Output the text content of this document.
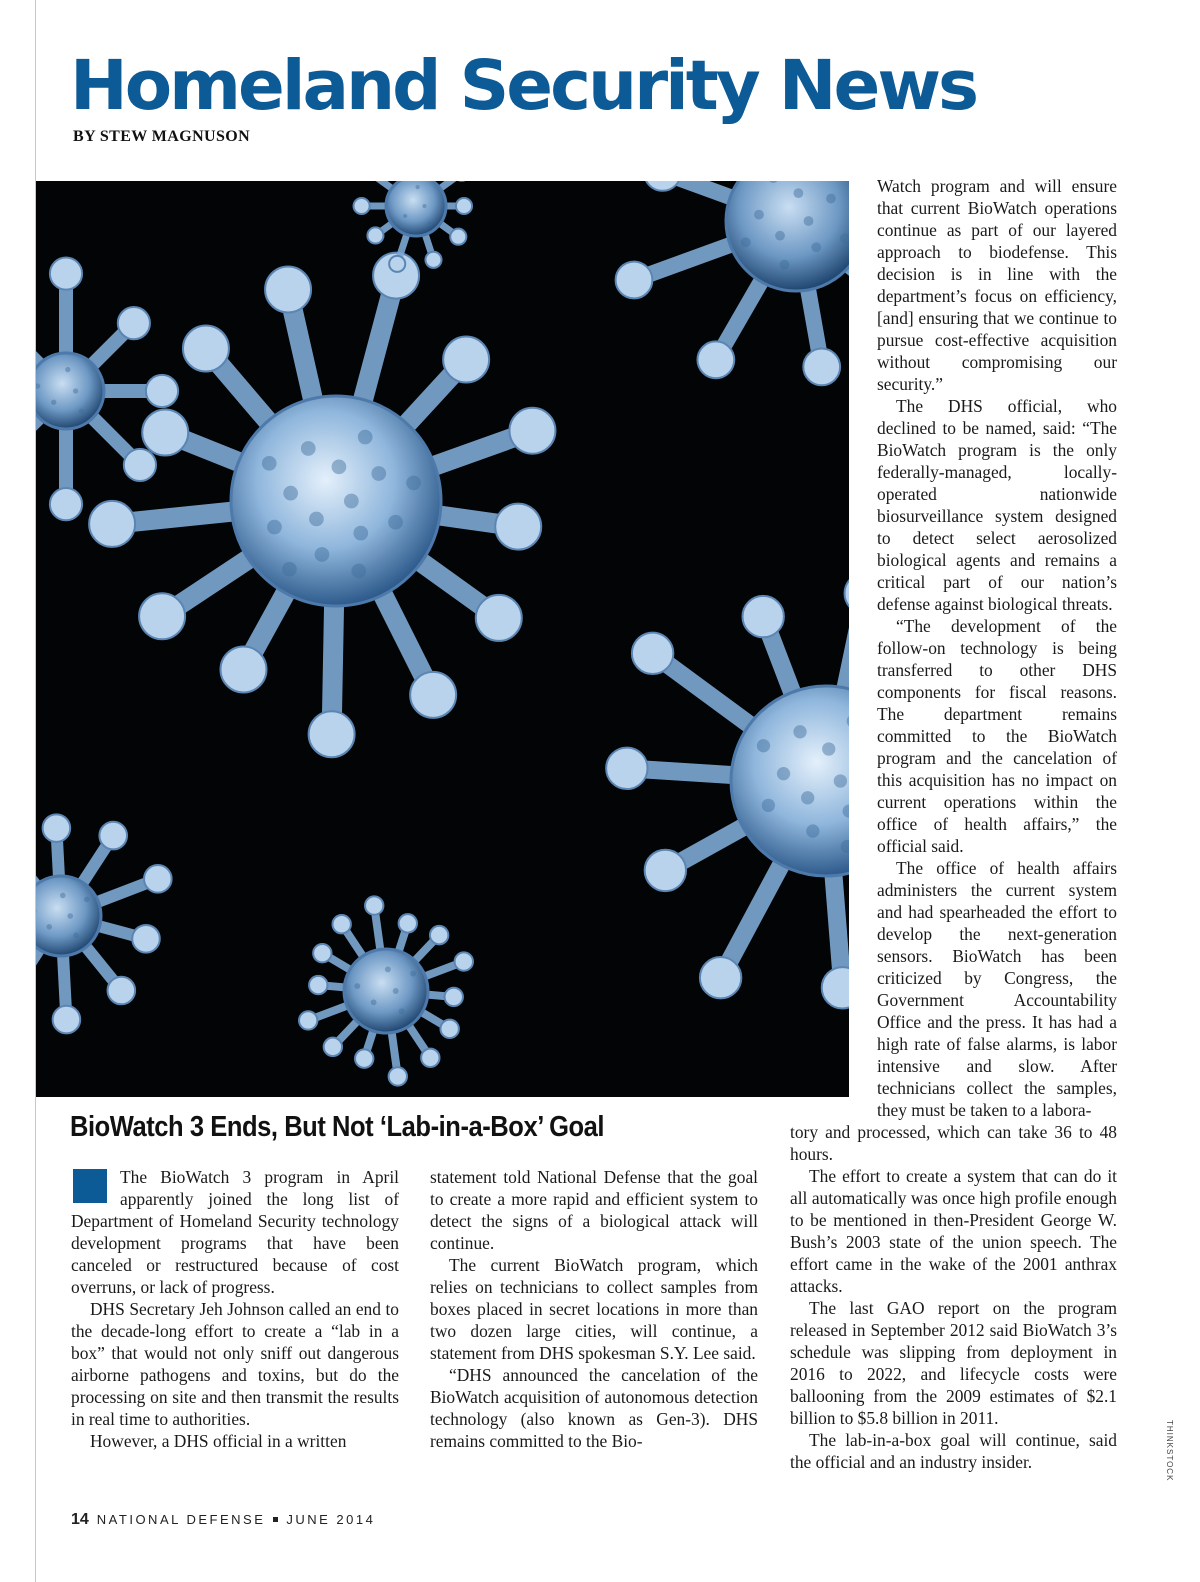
Homeland Security News
BY STEW MAGNUSON
THINKSTOCK
BioWatch 3 Ends, But Not ‘Lab-in-a-Box’ Goal

The BioWatch 3 program in April apparently joined the long list of Department of Homeland Security technology development programs that have been canceled or restructured because of cost overruns, or lack of progress.

DHS Secretary Jeh Johnson called an end to the decade-long effort to create a “lab in a box” that would not only sniff out dangerous airborne pathogens and toxins, but do the processing on site and then transmit the results in real time to authorities.

However, a DHS official in a written

statement told National Defense that the goal to create a more rapid and efficient system to detect the signs of a biological attack will continue.

The current BioWatch program, which relies on technicians to collect samples from boxes placed in secret locations in more than two dozen large cities, will continue, a statement from DHS spokesman S.Y. Lee said.

“DHS announced the cancelation of the BioWatch acquisition of autonomous detection technology (also known as Gen-3). DHS remains committed to the Bio-

Watch program and will ensure that current BioWatch operations continue as part of our layered approach to biodefense. This decision is in line with the department’s focus on efficiency, [and] ensuring that we continue to pursue cost-effective acquisition without compromising our security.”

The DHS official, who declined to be named, said: “The BioWatch program is the only federally-managed, locally-operated nationwide biosurveillance system designed to detect select aerosolized biological agents and remains a critical part of our nation’s defense against biological threats.

“The development of the follow-on technology is being transferred to other DHS components for fiscal reasons. The department remains committed to the BioWatch program and the cancelation of this acquisition has no impact on current operations within the office of health affairs,” the official said.

The office of health affairs administers the current system and had spearheaded the effort to develop the next-generation sensors. BioWatch has been criticized by Congress, the Government Accountability Office and the press. It has had a high rate of false alarms, is labor intensive and slow. After technicians collect the samples, they must be taken to a labora-

tory and processed, which can take 36 to 48 hours.

The effort to create a system that can do it all automatically was once high profile enough to be mentioned in then-President George W. Bush’s 2003 state of the union speech. The effort came in the wake of the 2001 anthrax attacks.

The last GAO report on the program released in September 2012 said BioWatch 3’s schedule was slipping from deployment in 2016 to 2022, and lifecycle costs were ballooning from the 2009 estimates of $2.1 billion to $5.8 billion in 2011.

The lab-in-a-box goal will continue, said the official and an industry insider.

14 NATIONAL DEFENSE JUNE 2014
